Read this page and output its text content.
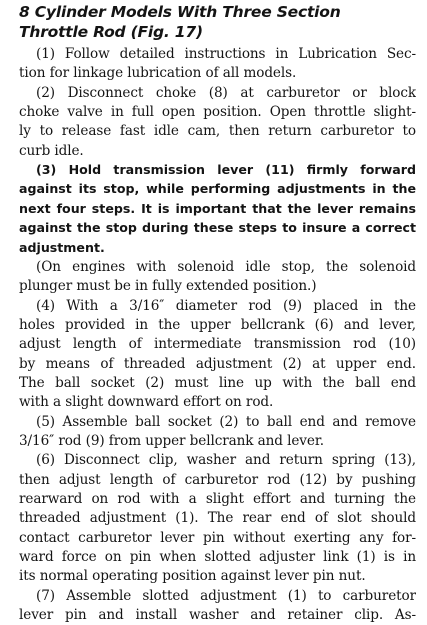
8 Cylinder Models With Three Section
Throttle Rod (Fig. 17)
(1) Follow detailed instructions in Lubrication Sec-
tion for linkage lubrication of all models.
(2) Disconnect choke (8) at carburetor or block
choke valve in full open position. Open throttle slight-
ly to release fast idle cam, then return carburetor to
curb idle.
(3) Hold transmission lever (11) firmly forward
against its stop, while performing adjustments in the
next four steps. It is important that the lever remains
against the stop during these steps to insure a correct
adjustment.
(On engines with solenoid idle stop, the solenoid
plunger must be in fully extended position.)
(4) With a 3/16″ diameter rod (9) placed in the
holes provided in the upper bellcrank (6) and lever,
adjust length of intermediate transmission rod (10)
by means of threaded adjustment (2) at upper end.
The ball socket (2) must line up with the ball end
with a slight downward effort on rod.
(5) Assemble ball socket (2) to ball end and remove
3/16″ rod (9) from upper bellcrank and lever.
(6) Disconnect clip, washer and return spring (13),
then adjust length of carburetor rod (12) by pushing
rearward on rod with a slight effort and turning the
threaded adjustment (1). The rear end of slot should
contact carburetor lever pin without exerting any for-
ward force on pin when slotted adjuster link (1) is in
its normal operating position against lever pin nut.
(7) Assemble slotted adjustment (1) to carburetor
lever pin and install washer and retainer clip. As-
